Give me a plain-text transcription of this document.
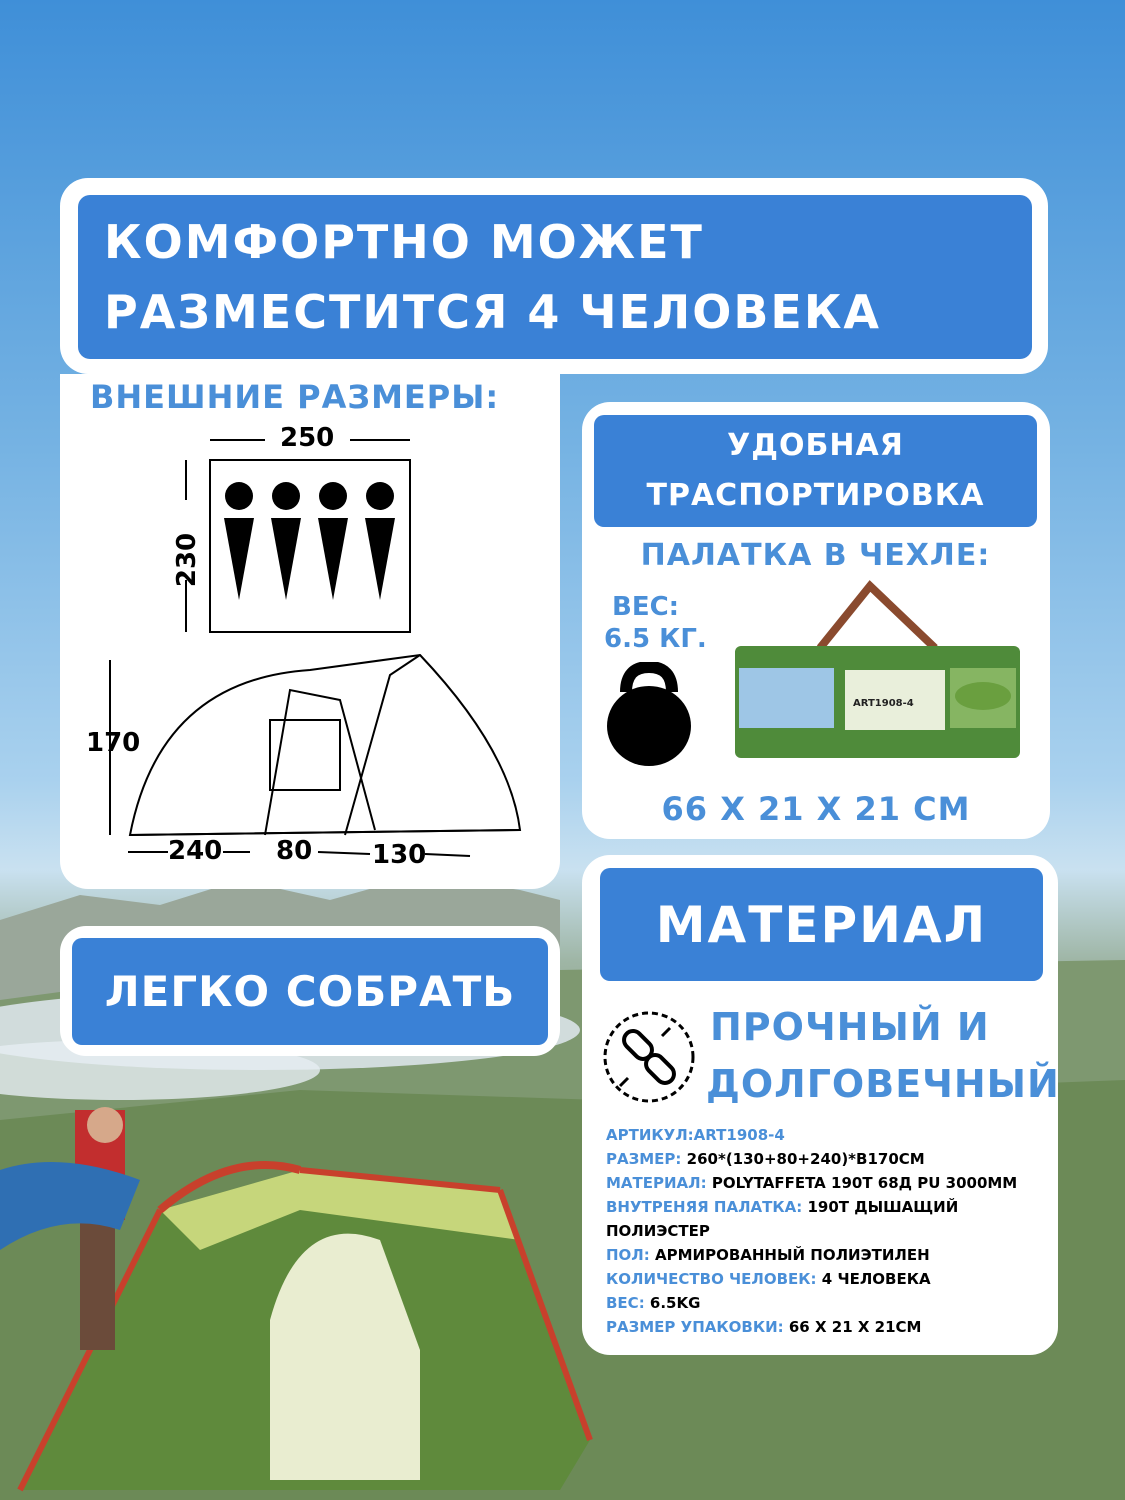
КОМФОРТНО МОЖЕТ
РАЗМЕСТИТСЯ 4 ЧЕЛОВЕКА
ВНЕШНИЕ РАЗМЕРЫ:
250
230
170
240 80 130
УДОБНАЯ
ТРАСПОРТИРОВКА
ПАЛАТКА В ЧЕХЛЕ:
ВЕС:
6.5 КГ.
ART1908-4
66 X 21 X 21 CM
ЛЕГКО СОБРАТЬ
МАТЕРИАЛ
ПРОЧНЫЙ И
ДОЛГОВЕЧНЫЙ
АРТИКУЛ:ART1908-4
РАЗМЕР: 260*(130+80+240)*B170CM
МАТЕРИАЛ: POLYTAFFETA 190T 68Д PU 3000MM
ВНУТРЕНЯЯ ПАЛАТКА: 190T ДЫШАЩИЙ ПОЛИЭСТЕР
ПОЛ: АРМИРОВАННЫЙ ПОЛИЭТИЛЕН
КОЛИЧЕСТВО ЧЕЛОВЕК: 4 ЧЕЛОВЕКА
ВЕС: 6.5KG
РАЗМЕР УПАКОВКИ: 66 X 21 X 21CM
